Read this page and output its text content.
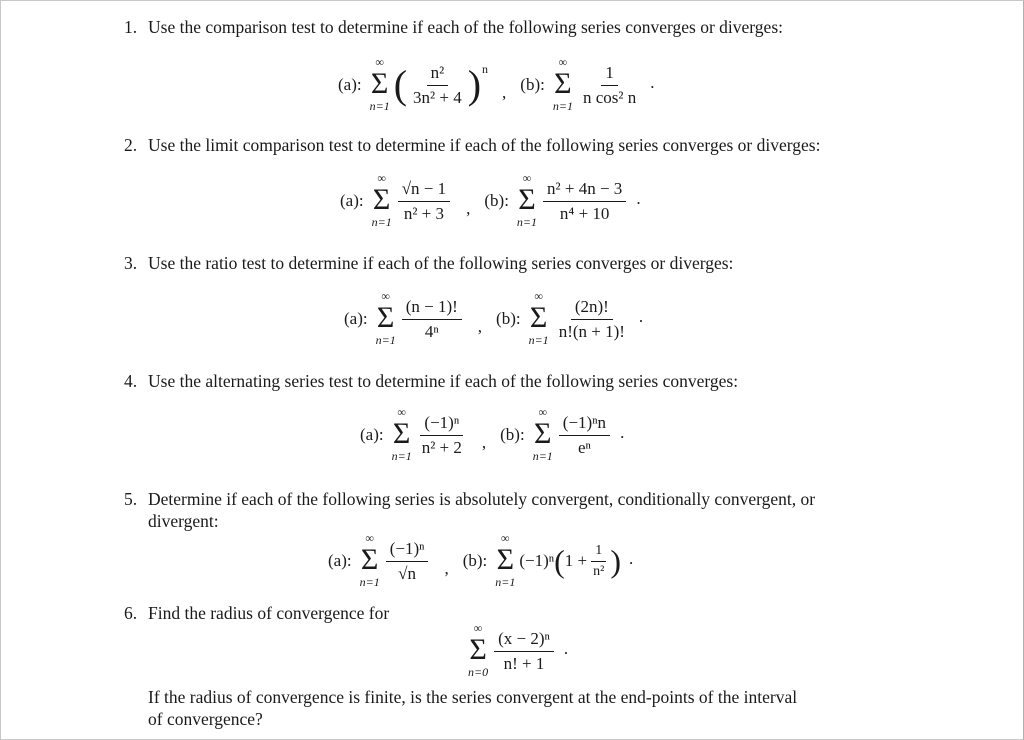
1. Use the comparison test to determine if each of the following series converges or diverges:
(a):
∞
Σ
n=1 ( $\frac{\text{n²}}{\text{3n² + 4}}$ ) n
, (b):
∞
Σ
$n=1 \frac{1}{\text{n cos² n}}$ .
2. Use the limit comparison test to determine if each of the following series converges or diverges:
(a):
∞
Σ
$n=1 \frac{√n - 1}{\text{n² + 3}}$ , (b):
∞
Σ
$n=1 \frac{\text{n² + 4n − 3}}{\text{n⁴ + 10}}$ .
3. Use the ratio test to determine if each of the following series converges or diverges:
(a):
∞
Σ
$n=1 \frac{(n - 1)!}{\text{4ⁿ}}$ , (b):
∞
Σ
$n=1 \frac{(2n)!}{n!(n + 1)!}$ .
4. Use the alternating series test to determine if each of the following series converges:
(a):
∞
Σ
$n=1 \frac{\text{(−1)ⁿ}}{\text{n² + 2}}$ , (b):
∞
Σ
$n=1 \frac{\text{(−1)ⁿn}}{\text{eⁿ}}$ .
5. Determine if each of the following series is absolutely convergent, conditionally convergent, or
divergent:
(a):
∞
Σ
$n=1 \frac{\text{(−1)ⁿ}}{√n}$ , (b):
∞
Σ
n=1
(−1)ⁿ ( $1 + \frac{1}{\text{n²}}$ ) .
6. Find the radius of convergence for
∞
Σ
$n=0 \frac{\text{(x − 2)ⁿ}}{n! + 1}$ .
If the radius of convergence is finite, is the series convergent at the end-points of the interval
of convergence?
